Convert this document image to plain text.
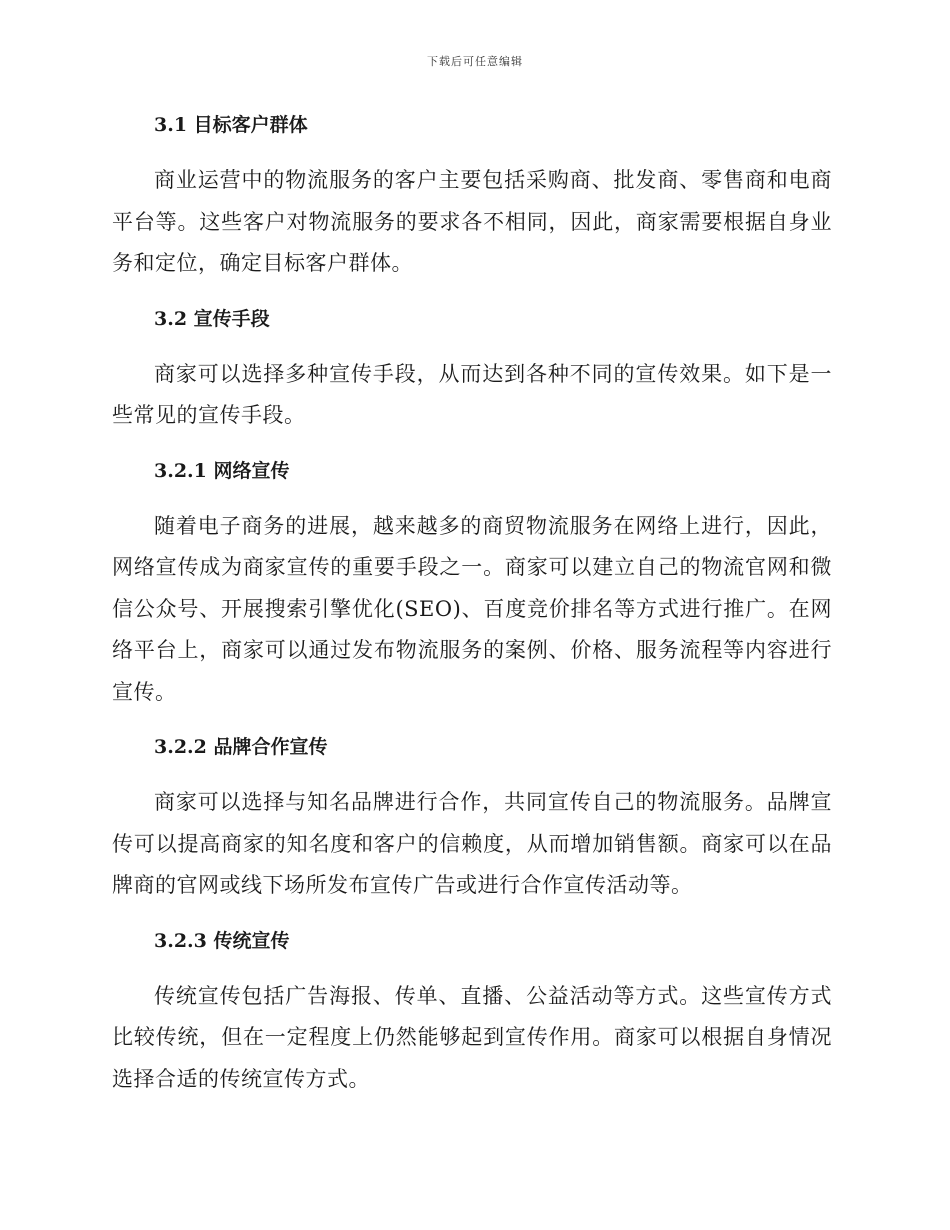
下载后可任意编辑
3.1 目标客户群体

商业运营中的物流服务的客户主要包括采购商、批发商、零售商和电商平台等。这些客户对物流服务的要求各不相同，因此，商家需要根据自身业务和定位，确定目标客户群体。

3.2 宣传手段

商家可以选择多种宣传手段，从而达到各种不同的宣传效果。如下是一些常见的宣传手段。

3.2.1 网络宣传

随着电子商务的进展，越来越多的商贸物流服务在网络上进行，因此，网络宣传成为商家宣传的重要手段之一。商家可以建立自己的物流官网和微信公众号、开展搜索引擎优化(SEO)、百度竞价排名等方式进行推广。在网络平台上，商家可以通过发布物流服务的案例、价格、服务流程等内容进行宣传。

3.2.2 品牌合作宣传

商家可以选择与知名品牌进行合作，共同宣传自己的物流服务。品牌宣传可以提高商家的知名度和客户的信赖度，从而增加销售额。商家可以在品牌商的官网或线下场所发布宣传广告或进行合作宣传活动等。

3.2.3 传统宣传

传统宣传包括广告海报、传单、直播、公益活动等方式。这些宣传方式比较传统，但在一定程度上仍然能够起到宣传作用。商家可以根据自身情况选择合适的传统宣传方式。
